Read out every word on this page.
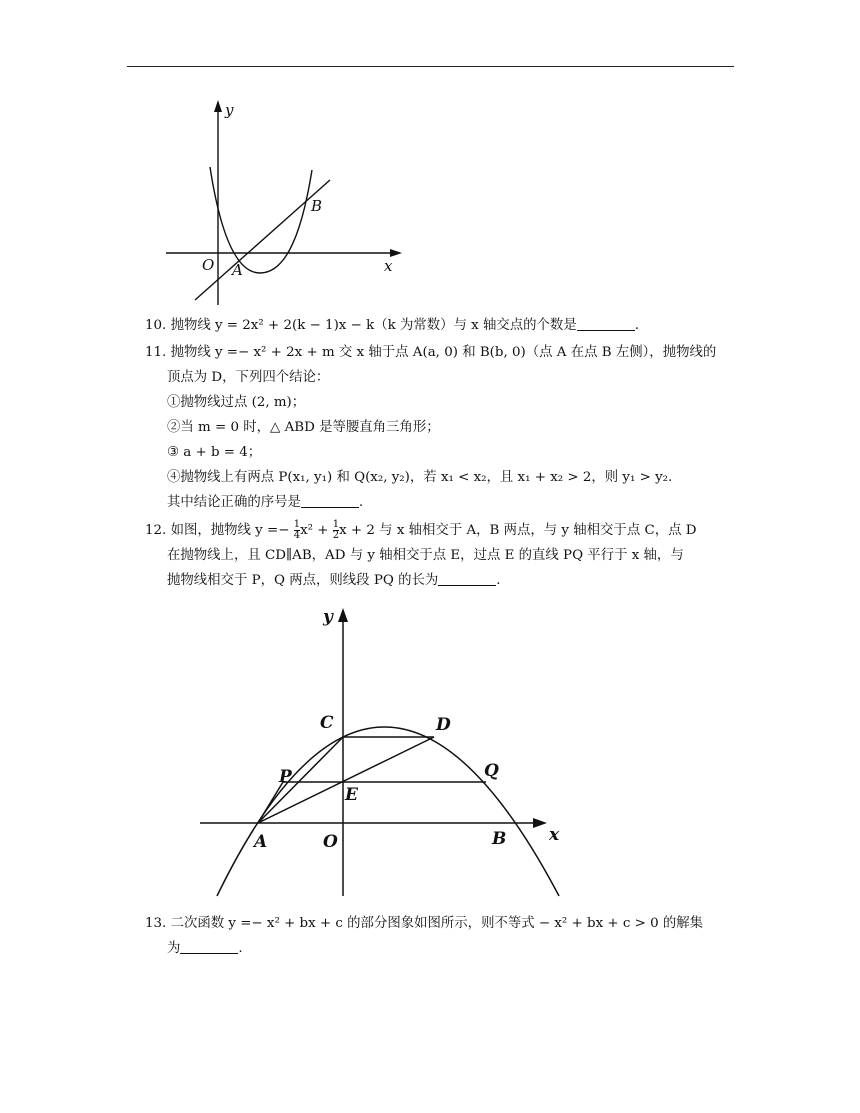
y
x
O A
B
10. 抛物线 y = 2x² + 2(k − 1)x − k（k 为常数）与 x 轴交点的个数是	.
11. 抛物线 y =− x² + 2x + m 交 x 轴于点 A(a, 0) 和 B(b, 0)（点 A 在点 B 左侧），抛物线的
顶点为 D，下列四个结论：
①抛物线过点 (2, m)；
②当 m = 0 时，△ ABD 是等腰直角三角形；
③ a + b = 4；
④抛物线上有两点 P(x₁, y₁) 和 Q(x₂, y₂)，若 x₁ < x₂，且 x₁ + x₂ > 2，则 y₁ > y₂.
其中结论正确的序号是	.
12. 如图，抛物线 $y =- \frac{1}{4} x^2 + \frac{1}{2}$ x + 2 与 x 轴相交于 A，B 两点，与 y 轴相交于点 C，点 D
在抛物线上，且 CD∥AB，AD 与 y 轴相交于点 E，过点 E 的直线 PQ 平行于 x 轴，与
抛物线相交于 P，Q 两点，则线段 PQ 的长为	.
y
x
O
A	B
C	D
P	Q
E
13. 二次函数 y =− x² + bx + c 的部分图象如图所示，则不等式 − x² + bx + c > 0 的解集
为	.
